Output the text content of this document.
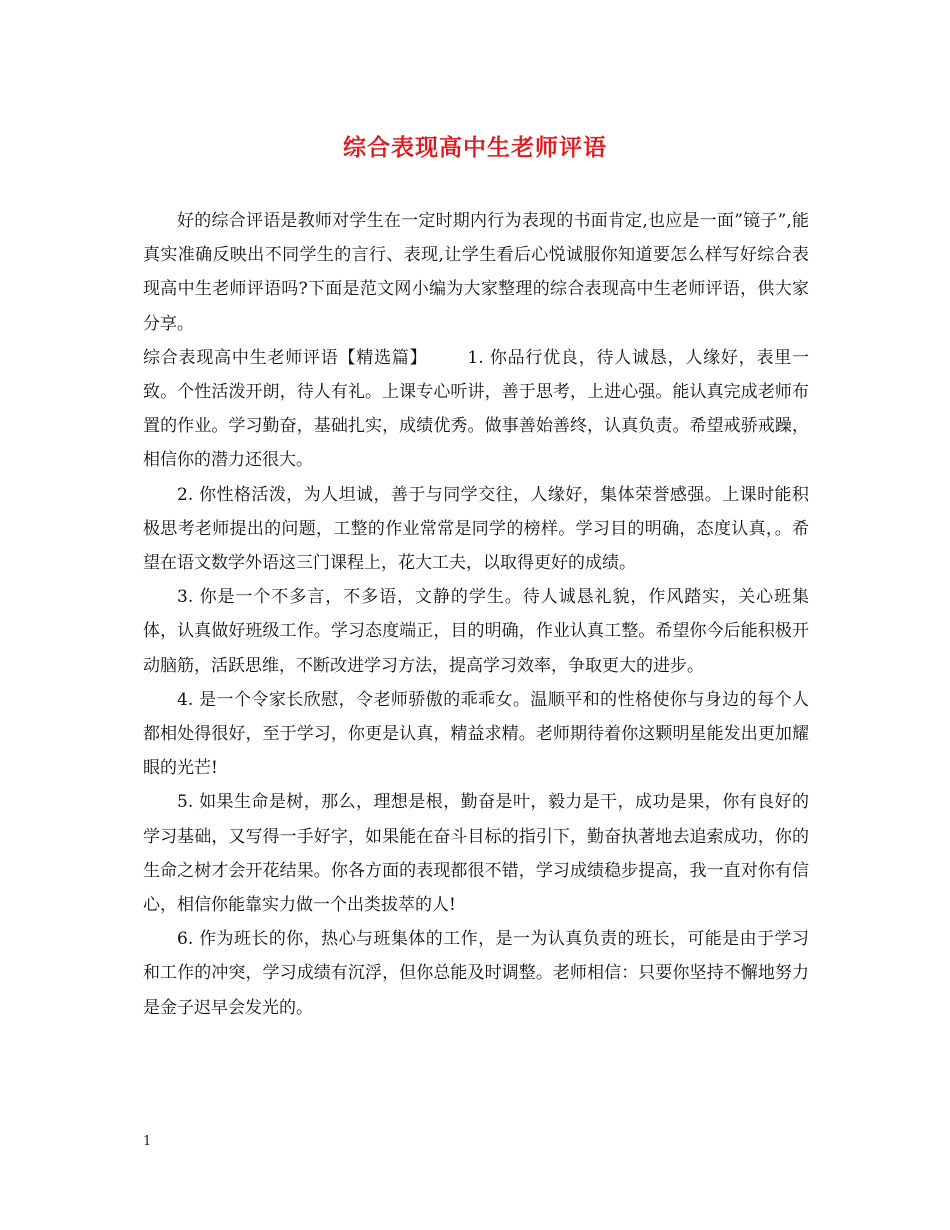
综合表现高中生老师评语

好的综合评语是教师对学生在一定时期内行为表现的书面肯定,也应是一面”镜子”,能真实准确反映出不同学生的言行、表现,让学生看后心悦诚服你知道要怎么样写好综合表现高中生老师评语吗?下面是范文网小编为大家整理的综合表现高中生老师评语，供大家分享。

综合表现高中生老师评语【精选篇】 1. 你品行优良，待人诚恳，人缘好，表里一致。个性活泼开朗，待人有礼。上课专心听讲，善于思考，上进心强。能认真完成老师布置的作业。学习勤奋，基础扎实，成绩优秀。做事善始善终，认真负责。希望戒骄戒躁，相信你的潜力还很大。

2. 你性格活泼，为人坦诚，善于与同学交往，人缘好，集体荣誉感强。上课时能积极思考老师提出的问题，工整的作业常常是同学的榜样。学习目的明确，态度认真，。希望在语文数学外语这三门课程上，花大工夫，以取得更好的成绩。

3. 你是一个不多言，不多语，文静的学生。待人诚恳礼貌，作风踏实，关心班集体，认真做好班级工作。学习态度端正，目的明确，作业认真工整。希望你今后能积极开动脑筋，活跃思维，不断改进学习方法，提高学习效率，争取更大的进步。

4. 是一个令家长欣慰，令老师骄傲的乖乖女。温顺平和的性格使你与身边的每个人都相处得很好，至于学习，你更是认真，精益求精。老师期待着你这颗明星能发出更加耀眼的光芒!

5. 如果生命是树，那么，理想是根，勤奋是叶，毅力是干，成功是果，你有良好的学习基础，又写得一手好字，如果能在奋斗目标的指引下，勤奋执著地去追索成功，你的生命之树才会开花结果。你各方面的表现都很不错，学习成绩稳步提高，我一直对你有信心，相信你能靠实力做一个出类拔萃的人!

6. 作为班长的你，热心与班集体的工作，是一为认真负责的班长，可能是由于学习和工作的冲突，学习成绩有沉浮，但你总能及时调整。老师相信：只要你坚持不懈地努力是金子迟早会发光的。

1
